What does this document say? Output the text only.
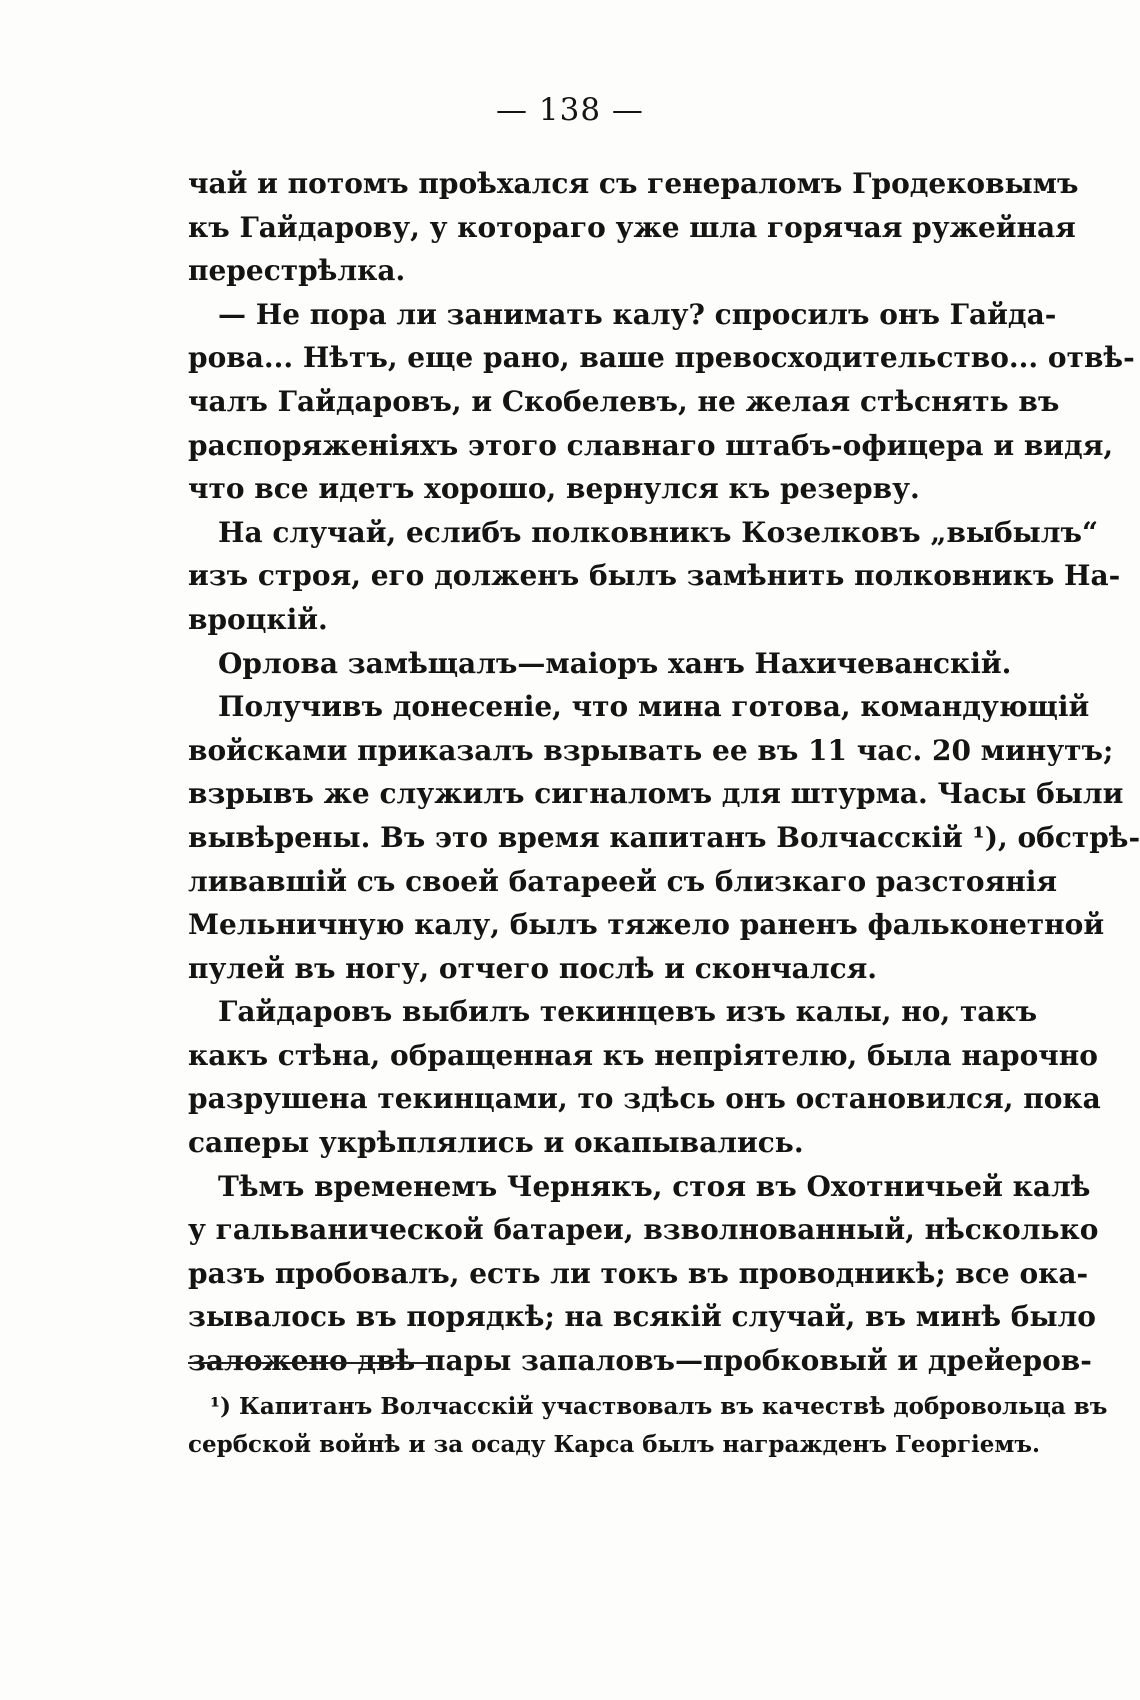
— 138 —
чай и потомъ проѣхался съ генераломъ Гродековымъ
къ Гайдарову, у котораго уже шла горячая ружейная
перестрѣлка.
— Не пора ли занимать калу? спросилъ онъ Гайда-
рова... Нѣтъ, еще рано, ваше превосходительство... отвѣ-
чалъ Гайдаровъ, и Скобелевъ, не желая стѣснять въ
распоряженіяхъ этого славнаго штабъ-офицера и видя,
что все идетъ хорошо, вернулся къ резерву.
На случай, еслибъ полковникъ Козелковъ „выбылъ“
изъ строя, его долженъ былъ замѣнить полковникъ На-
вроцкій.
Орлова замѣщалъ—маіоръ ханъ Нахичеванскій.
Получивъ донесеніе, что мина готова, командующій
войсками приказалъ взрывать ее въ 11 час. 20 минутъ;
взрывъ же служилъ сигналомъ для штурма. Часы были
вывѣрены. Въ это время капитанъ Волчасскій ¹), обстрѣ-
ливавшій съ своей батареей съ близкаго разстоянія
Мельничную калу, былъ тяжело раненъ фальконетной
пулей въ ногу, отчего послѣ и скончался.
Гайдаровъ выбилъ текинцевъ изъ калы, но, такъ
какъ стѣна, обращенная къ непріятелю, была нарочно
разрушена текинцами, то здѣсь онъ остановился, пока
саперы укрѣплялись и окапывались.
Тѣмъ временемъ Чернякъ, стоя въ Охотничьей калѣ
у гальванической батареи, взволнованный, нѣсколько
разъ пробовалъ, есть ли токъ въ проводникѣ; все ока-
зывалось въ порядкѣ; на всякій случай, въ минѣ было
заложено двѣ пары запаловъ—пробковый и дрейеров-
¹) Капитанъ Волчасскій участвовалъ въ качествѣ добровольца въ
сербской войнѣ и за осаду Карса былъ награжденъ Георгіемъ.
